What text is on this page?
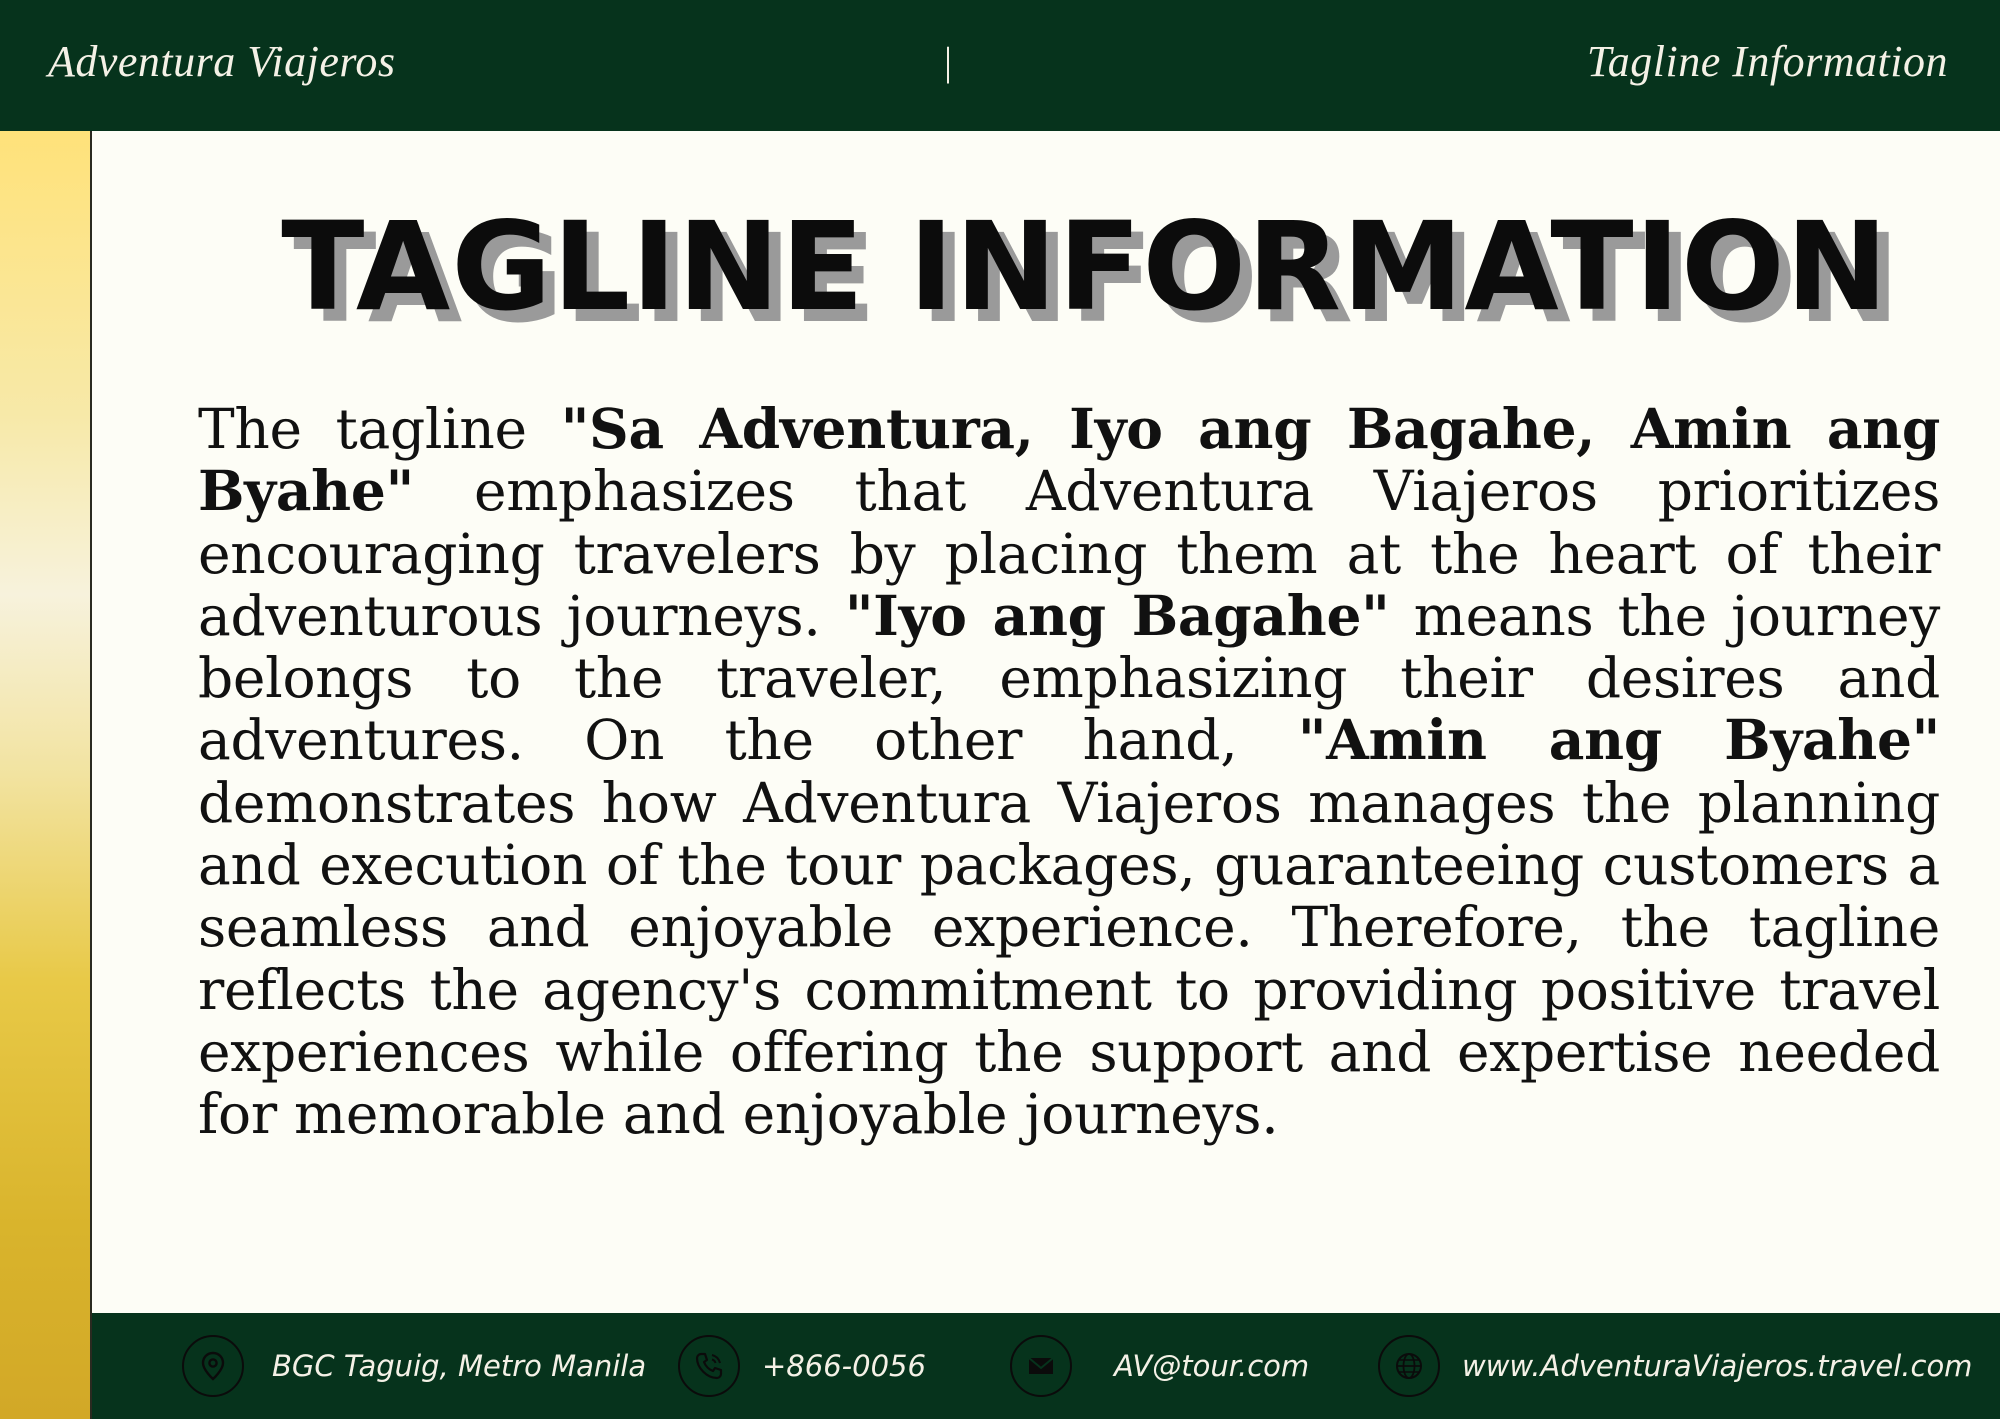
Adventura Viajeros	|	Tagline Information
TAGLINE INFORMATION
The tagline "Sa Adventura, Iyo ang Bagahe, Amin ang Byahe" emphasizes that Adventura Viajeros prioritizes encouraging travelers by placing them at the heart of their adventurous journeys. "Iyo ang Bagahe" means the journey belongs to the traveler, emphasizing their desires and adventures. On the other hand, "Amin ang Byahe" demonstrates how Adventura Viajeros manages the planning and execution of the tour packages, guaranteeing customers a seamless and enjoyable experience. Therefore, the tagline reflects the agency's commitment to providing positive travel experiences while offering the support and expertise needed for memorable and enjoyable journeys.
BGC Taguig, Metro Manila	+866-0056	AV@tour.com	www.AdventuraViajeros.travel.com
